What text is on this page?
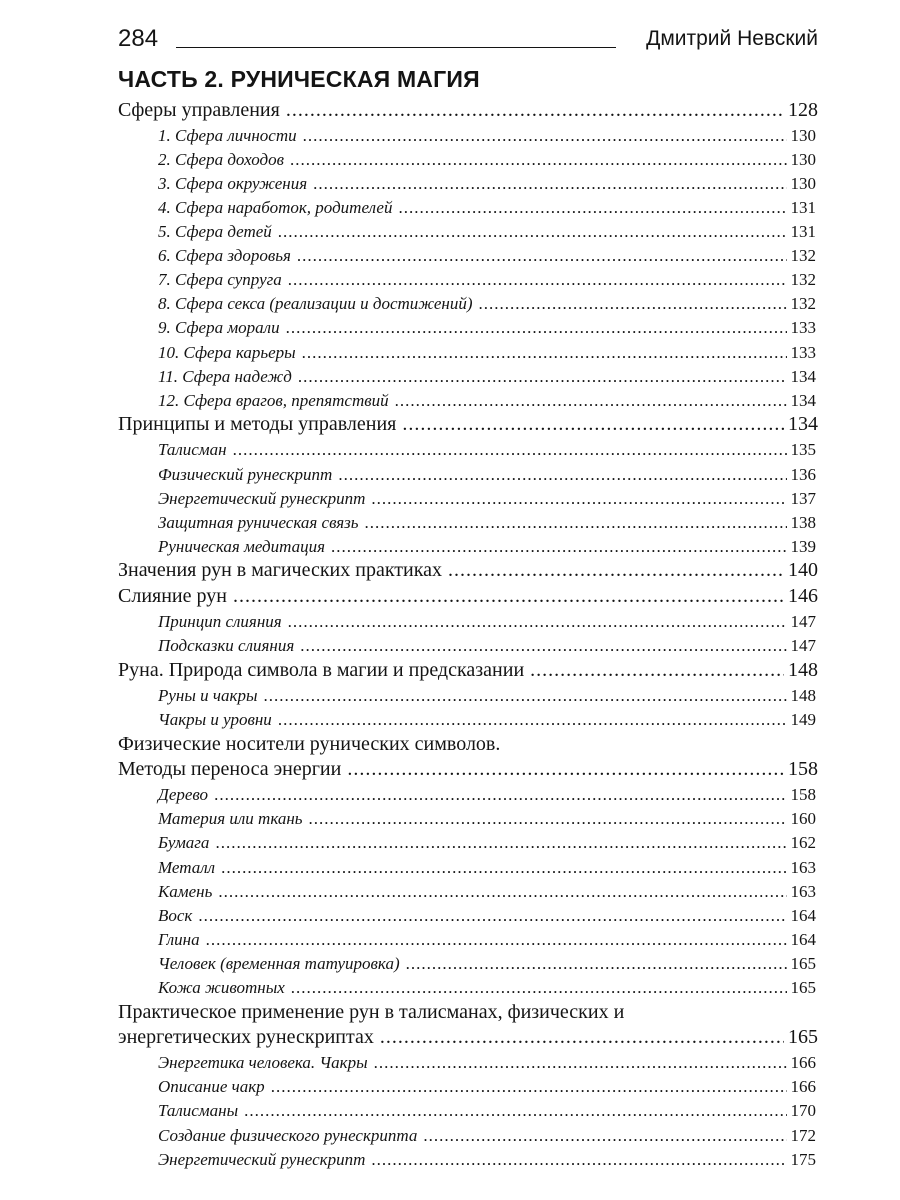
284	Дмитрий Невский
ЧАСТЬ 2. РУНИЧЕСКАЯ МАГИЯ
Сферы управления .....	128
1. Сфера личности .....	130
2. Сфера доходов .....	130
3. Сфера окружения .....	130
4. Сфера наработок, родителей .....	131
5. Сфера детей .....	131
6. Сфера здоровья .....	132
7. Сфера супруга .....	132
8. Сфера секса (реализации и достижений) .....	132
9. Сфера морали .....	133
10. Сфера карьеры .....	133
11. Сфера надежд .....	134
12. Сфера врагов, препятствий .....	134
Принципы и методы управления .....	134
Талисман .....	135
Физический рунескрипт .....	136
Энергетический рунескрипт .....	137
Защитная руническая связь .....	138
Руническая медитация .....	139
Значения рун в магических практиках .....	140
Слияние рун .....	146
Принцип слияния .....	147
Подсказки слияния .....	147
Руна. Природа символа в магии и предсказании .....	148
Руны и чакры .....	148
Чакры и уровни .....	149
Физические носители рунических символов.
Методы переноса энергии .....	158
Дерево .....	158
Материя или ткань .....	160
Бумага .....	162
Металл .....	163
Камень .....	163
Воск .....	164
Глина .....	164
Человек (временная татуировка) .....	165
Кожа животных .....	165
Практическое применение рун в талисманах, физических и
энергетических рунескриптах .....	165
Энергетика человека. Чакры .....	166
Описание чакр .....	166
Талисманы .....	170
Создание физического рунескрипта .....	172
Энергетический рунескрипт .....	175
